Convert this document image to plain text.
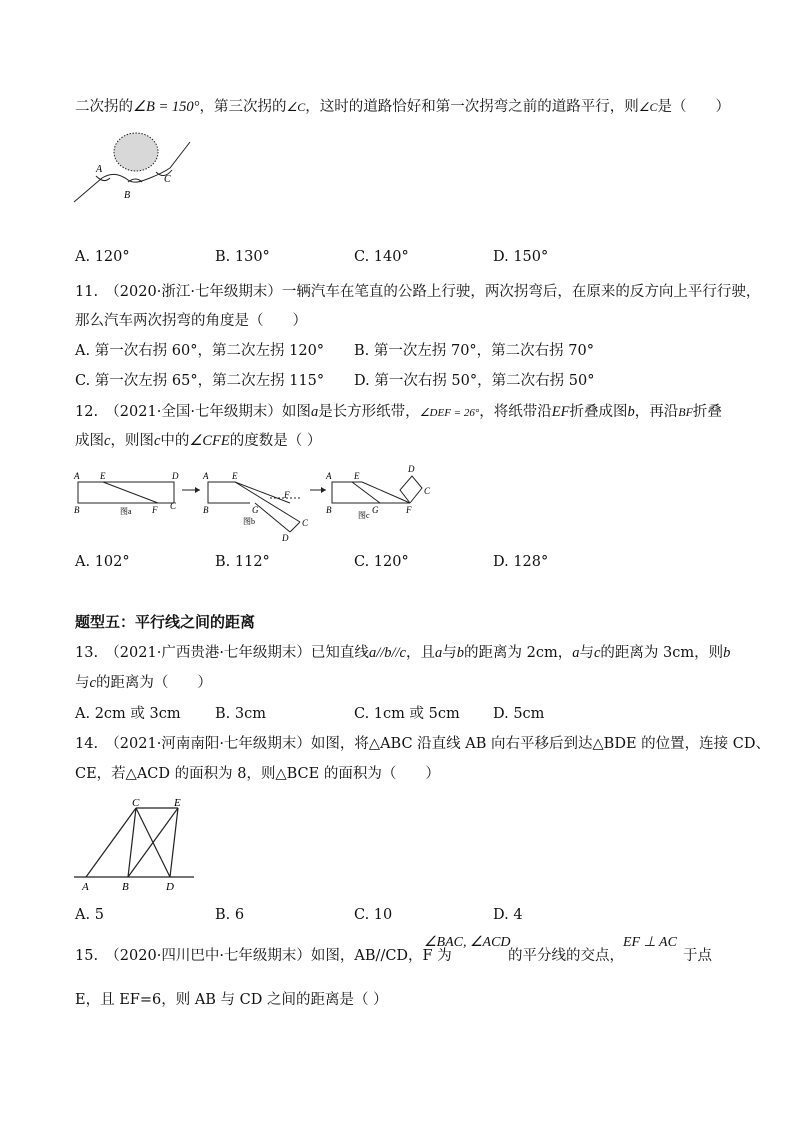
二次拐的∠B = 150°，第三次拐的∠C，这时的道路恰好和第一次拐弯之前的道路平行，则∠C是（　　）
A
B
C
A. 120°	B. 130°	C. 140°	D. 150°
11.　（2020·浙江·七年级期末）一辆汽车在笔直的公路上行驶，两次拐弯后，在原来的反方向上平行行驶，
那么汽车两次拐弯的角度是（　　）
A. 第一次右拐 60°，第二次左拐 120° B. 第一次左拐 70°，第二次右拐 70°
C. 第一次左拐 65°，第二次左拐 115° D. 第一次右拐 50°，第二次右拐 50°
12.　（2021·全国·七年级期末）如图a是长方形纸带，∠DEF = 26°，将纸带沿EF折叠成图b，再沿BF折叠
成图c，则图c中的∠CFE的度数是（ ）
A E	D
B	F C
图a
A	E
F
B	G
C
D
图b
A	E
D
C
B	G	F
图c
A. 102°	B. 112°	C. 120°	D. 128°
题型五：平行线之间的距离
13.　（2021·广西贵港·七年级期末）已知直线a//b//c，且a与b的距离为 2cm，a与c的距离为 3cm，则b
与c的距离为（　　）
A. 2cm 或 3cm B. 3cm	C. 1cm 或 5cm D. 5cm
14.　（2021·河南南阳·七年级期末）如图，将△ABC 沿直线 AB 向右平移后到达△BDE 的位置，连接 CD、
CE，若△ACD 的面积为 8，则△BCE 的面积为（　　）
C	E
A	B	D
A. 5	B. 6	C. 10	D. 4
15.　（2020·四川巴中·七年级期末）如图，AB//CD，F 为
∠BAC, ∠ACD
的平分线的交点，
EF ⊥ AC
于点
E，且 EF=6，则 AB 与 CD 之间的距离是（ ）
